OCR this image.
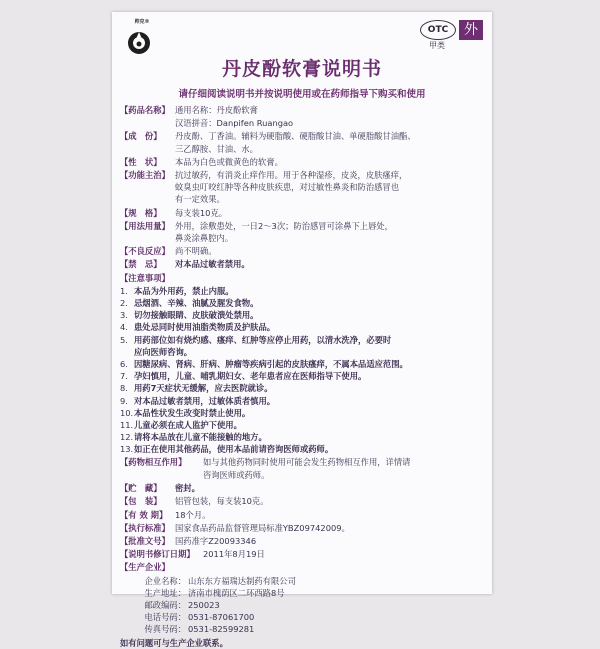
帅克®
OTC
甲类
外
丹皮酚软膏说明书
请仔细阅读说明书并按说明使用或在药师指导下购买和使用
【药品名称】 通用名称：丹皮酚软膏
汉语拼音：Danpifen Ruangao
【成　份】	丹皮酚、丁香油。辅料为硬脂酸、硬脂酸甘油、单硬脂酸甘油酯、
三乙醇胺、甘油、水。
【性　状】	本品为白色或微黄色的软膏。
【功能主治】 抗过敏药，有消炎止痒作用。用于各种湿疹，皮炎，皮肤瘙痒，
蚊臭虫叮咬红肿等各种皮肤疾患，对过敏性鼻炎和防治感冒也
有一定效果。
【规　格】	每支装10克。
【用法用量】 外用，涂敷患处，一日2～3次；防治感冒可涂鼻下上唇处，
鼻炎涂鼻腔内。
【不良反应】 尚不明确。
【禁　忌】	对本品过敏者禁用。
【注意事项】
1. 本品为外用药，禁止内服。
2. 忌烟酒、辛辣、油腻及腥发食物。
3. 切勿接触眼睛、皮肤破溃处禁用。
4. 患处忌同时使用油脂类物质及护肤品。
5. 用药部位如有烧灼感、瘙痒、红肿等应停止用药，以清水洗净，必要时
应向医师咨询。
6. 因糖尿病、肾病、肝病、肿瘤等疾病引起的皮肤瘙痒，不属本品适应范围。
7. 孕妇慎用，儿童、哺乳期妇女、老年患者应在医师指导下使用。
8. 用药7天症状无缓解，应去医院就诊。
9. 对本品过敏者禁用，过敏体质者慎用。
10. 本品性状发生改变时禁止使用。
11. 儿童必须在成人监护下使用。
12. 请将本品放在儿童不能接触的地方。
13. 如正在使用其他药品，使用本品前请咨询医师或药师。
【药物相互作用】	如与其他药物同时使用可能会发生药物相互作用，详情请
咨询医师或药师。
【贮　藏】	密封。
【包　装】	铝管包装，每支装10克。
【有 效 期】 18个月。
【执行标准】 国家食品药品监督管理局标准YBZ09742009。
【批准文号】 国药准字Z20093346
【说明书修订日期】	2011年8月19日
【生产企业】
企业名称： 山东东方福瑞达制药有限公司
生产地址： 济南市槐荫区二环西路8号
邮政编码： 250023
电话号码： 0531-87061700
传真号码： 0531-82599281
如有问题可与生产企业联系。
